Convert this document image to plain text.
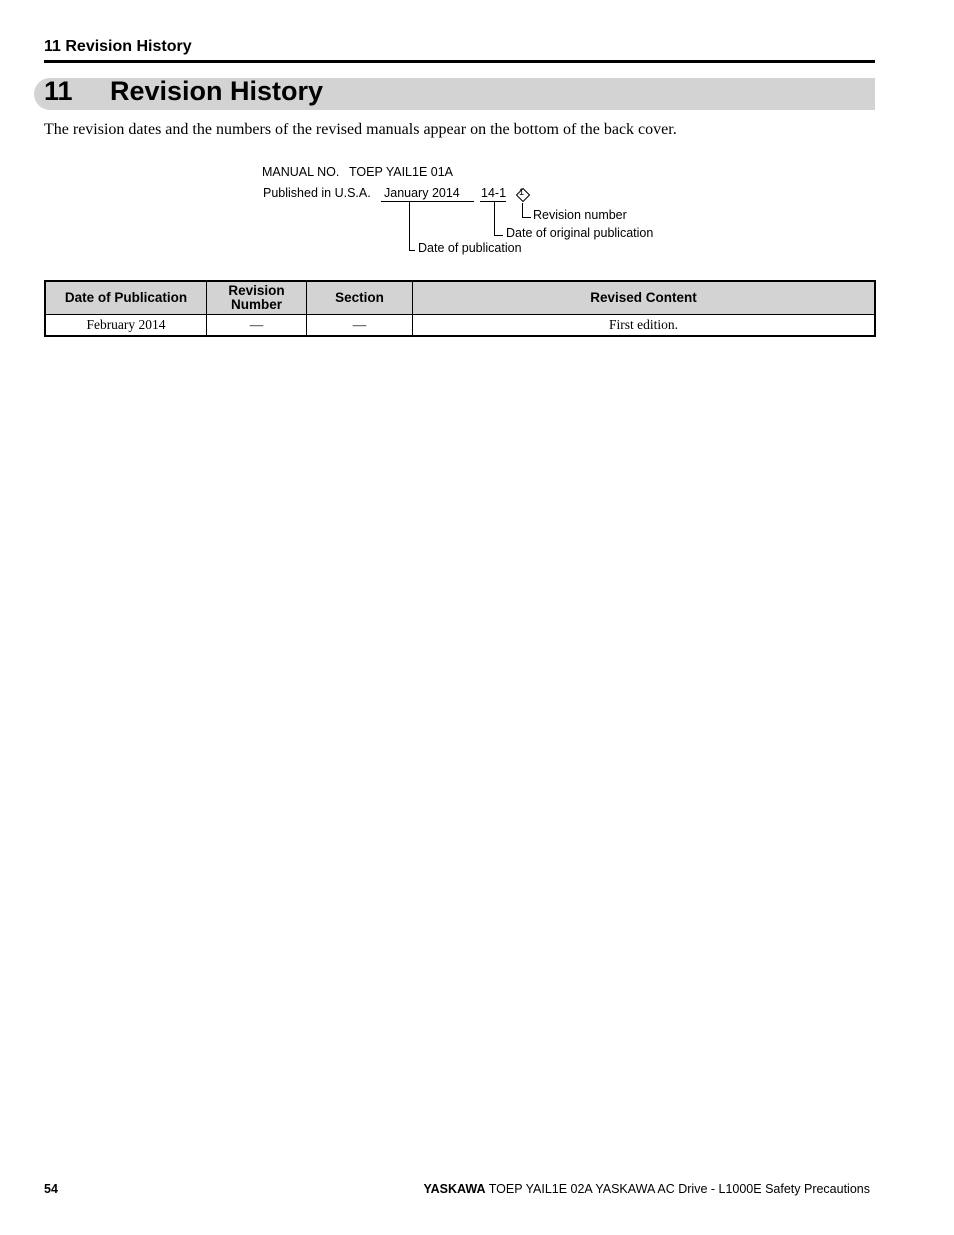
11 Revision History
11 Revision History
The revision dates and the numbers of the revised manuals appear on the bottom of the back cover.
MANUAL NO. TOEP YAIL1E 01A
Published in U.S.A. January 2014 14-1 1
Revision number
Date of original publication
Date of publication
Date of Publication	Revision Number	Section	Revised Content
February 2014	—	—	First edition.
54	YASKAWA TOEP YAIL1E 02A YASKAWA AC Drive - L1000E Safety Precautions
